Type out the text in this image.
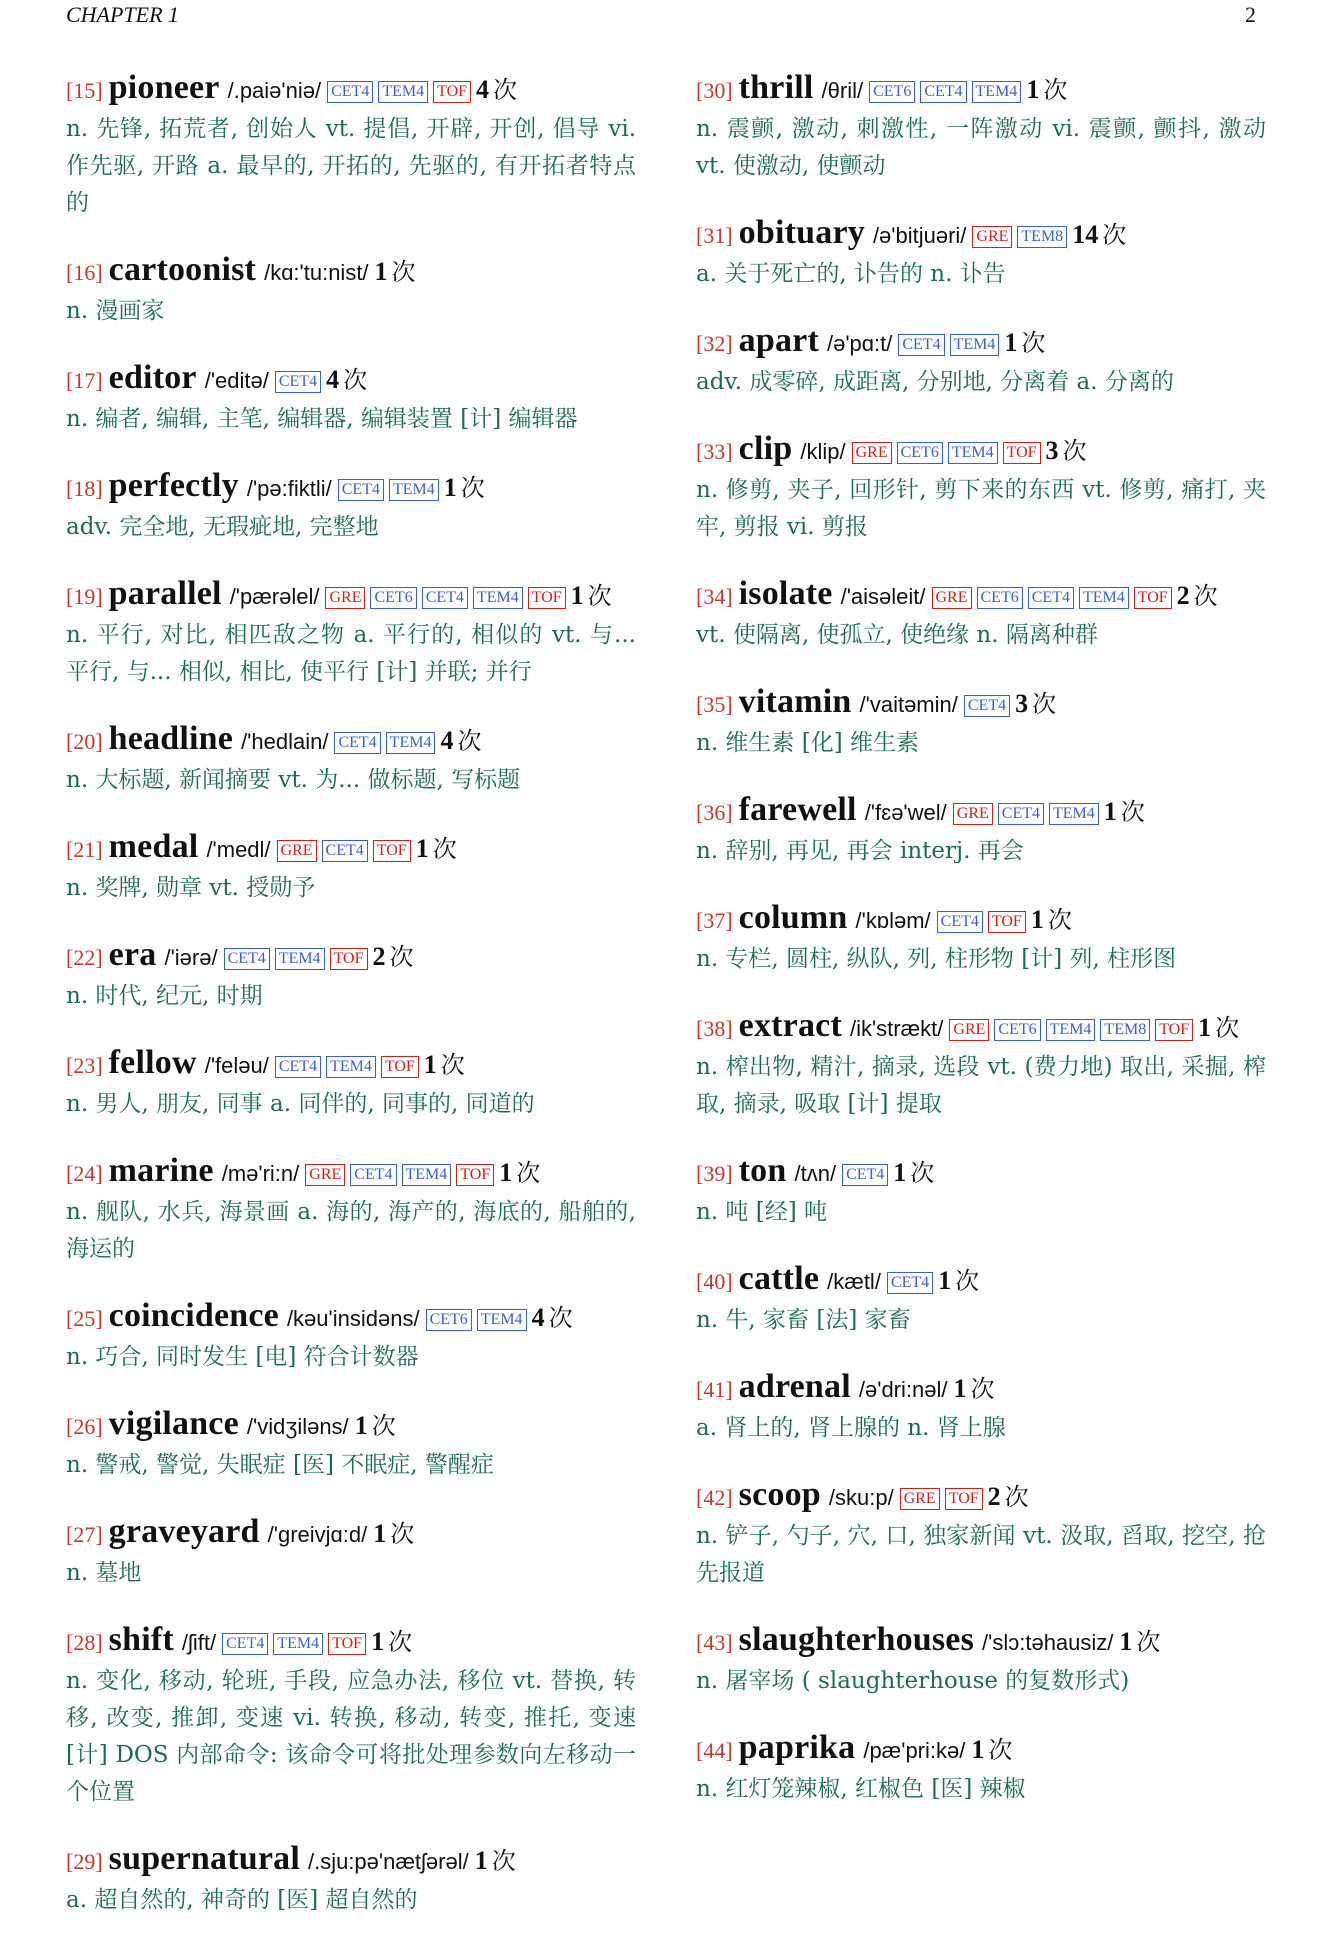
CHAPTER 1	2
[15] pioneer /.paiə'niə/ CET4 TEM4 TOF 4 次
n. 先锋, 拓荒者, 创始人 vt. 提倡, 开辟, 开创, 倡导 vi. 作先驱, 开路 a. 最早的, 开拓的, 先驱的, 有开拓者特点的
[16] cartoonist /kɑ:'tu:nist/ 1 次
n. 漫画家
[17] editor /'editə/ CET4 4 次
n. 编者, 编辑, 主笔, 编辑器, 编辑装置 [计] 编辑器
[18] perfectly /'pə:fiktli/ CET4 TEM4 1 次
adv. 完全地, 无瑕疵地, 完整地
[19] parallel /'pærəlel/ GRE CET6 CET4 TEM4 TOF 1 次
n. 平行, 对比, 相匹敌之物 a. 平行的, 相似的 vt. 与... 平行, 与... 相似, 相比, 使平行 [计] 并联; 并行
[20] headline /'hedlain/ CET4 TEM4 4 次
n. 大标题, 新闻摘要 vt. 为... 做标题, 写标题
[21] medal /'medl/ GRE CET4 TOF 1 次
n. 奖牌, 勋章 vt. 授勋予
[22] era /'iərə/ CET4 TEM4 TOF 2 次
n. 时代, 纪元, 时期
[23] fellow /'feləu/ CET4 TEM4 TOF 1 次
n. 男人, 朋友, 同事 a. 同伴的, 同事的, 同道的
[24] marine /mə'ri:n/ GRE CET4 TEM4 TOF 1 次
n. 舰队, 水兵, 海景画 a. 海的, 海产的, 海底的, 船舶的, 海运的
[25] coincidence /kəu'insidəns/ CET6 TEM4 4 次
n. 巧合, 同时发生 [电] 符合计数器
[26] vigilance /'vidʒiləns/ 1 次
n. 警戒, 警觉, 失眠症 [医] 不眠症, 警醒症
[27] graveyard /'greivjɑ:d/ 1 次
n. 墓地
[28] shift /ʃift/ CET4 TEM4 TOF 1 次
n. 变化, 移动, 轮班, 手段, 应急办法, 移位 vt. 替换, 转移, 改变, 推卸, 变速 vi. 转换, 移动, 转变, 推托, 变速 [计] DOS 内部命令: 该命令可将批处理参数向左移动一个位置
[29] supernatural /.sju:pə'nætʃərəl/ 1 次
a. 超自然的, 神奇的 [医] 超自然的
[30] thrill /θril/ CET6 CET4 TEM4 1 次
n. 震颤, 激动, 刺激性, 一阵激动 vi. 震颤, 颤抖, 激动 vt. 使激动, 使颤动
[31] obituary /ə'bitjuəri/ GRE TEM8 14 次
a. 关于死亡的, 讣告的 n. 讣告
[32] apart /ə'pɑ:t/ CET4 TEM4 1 次
adv. 成零碎, 成距离, 分别地, 分离着 a. 分离的
[33] clip /klip/ GRE CET6 TEM4 TOF 3 次
n. 修剪, 夹子, 回形针, 剪下来的东西 vt. 修剪, 痛打, 夹牢, 剪报 vi. 剪报
[34] isolate /'aisəleit/ GRE CET6 CET4 TEM4 TOF 2 次
vt. 使隔离, 使孤立, 使绝缘 n. 隔离种群
[35] vitamin /'vaitəmin/ CET4 3 次
n. 维生素 [化] 维生素
[36] farewell /'fɛə'wel/ GRE CET4 TEM4 1 次
n. 辞别, 再见, 再会 interj. 再会
[37] column /'kɒləm/ CET4 TOF 1 次
n. 专栏, 圆柱, 纵队, 列, 柱形物 [计] 列, 柱形图
[38] extract /ik'strækt/ GRE CET6 TEM4 TEM8 TOF 1 次
n. 榨出物, 精汁, 摘录, 选段 vt. (费力地) 取出, 采掘, 榨取, 摘录, 吸取 [计] 提取
[39] ton /tʌn/ CET4 1 次
n. 吨 [经] 吨
[40] cattle /kætl/ CET4 1 次
n. 牛, 家畜 [法] 家畜
[41] adrenal /ə'dri:nəl/ 1 次
a. 肾上的, 肾上腺的 n. 肾上腺
[42] scoop /sku:p/ GRE TOF 2 次
n. 铲子, 勺子, 穴, 口, 独家新闻 vt. 汲取, 舀取, 挖空, 抢先报道
[43] slaughterhouses /'slɔ:təhausiz/ 1 次
n. 屠宰场 ( slaughterhouse 的复数形式)
[44] paprika /pæ'pri:kə/ 1 次
n. 红灯笼辣椒, 红椒色 [医] 辣椒
